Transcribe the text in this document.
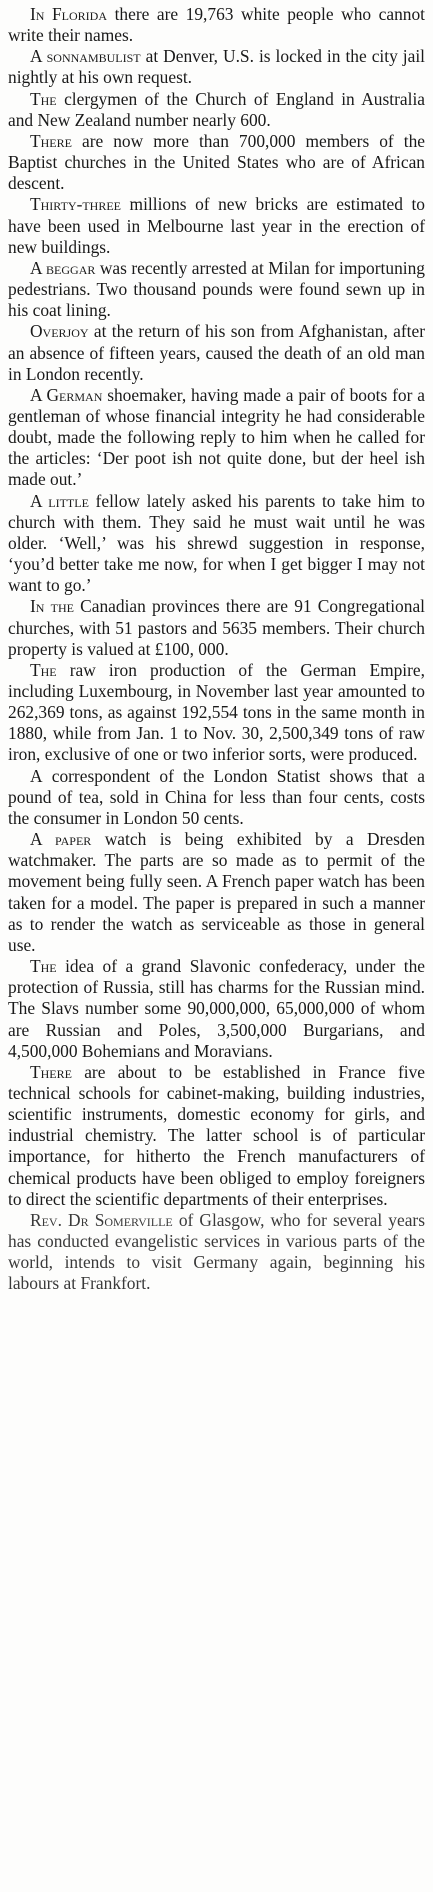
In Florida there are 19,763 white people who cannot write their names.

A sonnambulist at Denver, U.S. is locked in the city jail nightly at his own request.

The clergymen of the Church of England in Australia and New Zealand number nearly 600.

There are now more than 700,000 members of the Baptist churches in the United States who are of African descent.

Thirty-three millions of new bricks are estimated to have been used in Melbourne last year in the erection of new buildings.

A beggar was recently arrested at Milan for importuning pedestrians. Two thousand pounds were found sewn up in his coat lining.

Overjoy at the return of his son from Afghanistan, after an absence of fifteen years, caused the death of an old man in London recently.

A German shoemaker, having made a pair of boots for a gentleman of whose financial integrity he had considerable doubt, made the following reply to him when he called for the articles: ‘Der poot ish not quite done, but der heel ish made out.’

A little fellow lately asked his parents to take him to church with them. They said he must wait until he was older. ‘Well,’ was his shrewd suggestion in response, ‘you’d better take me now, for when I get bigger I may not want to go.’

In the Canadian provinces there are 91 Congregational churches, with 51 pastors and 5635 members. Their church property is valued at £100, 000.

The raw iron production of the German Empire, including Luxembourg, in November last year amounted to 262,369 tons, as against 192,554 tons in the same month in 1880, while from Jan. 1 to Nov. 30, 2,500,349 tons of raw iron, exclusive of one or two inferior sorts, were produced.

A correspondent of the London Statist shows that a pound of tea, sold in China for less than four cents, costs the consumer in London 50 cents.

A paper watch is being exhibited by a Dresden watchmaker. The parts are so made as to permit of the movement being fully seen. A French paper watch has been taken for a model. The paper is prepared in such a manner as to render the watch as serviceable as those in general use.

The idea of a grand Slavonic confederacy, under the protection of Russia, still has charms for the Russian mind. The Slavs number some 90,000,000, 65,000,000 of whom are Russian and Poles, 3,500,000 Burgarians, and 4,500,000 Bohemians and Moravians.

There are about to be established in France five technical schools for cabinet-making, building industries, scientific instruments, domestic economy for girls, and industrial chemistry. The latter school is of particular importance, for hitherto the French manufacturers of chemical products have been obliged to employ foreigners to direct the scientific departments of their enterprises.

Rev. Dr Somerville of Glasgow, who for several years has conducted evangelistic services in various parts of the world, intends to visit Germany again, beginning his labours at Frankfort.
